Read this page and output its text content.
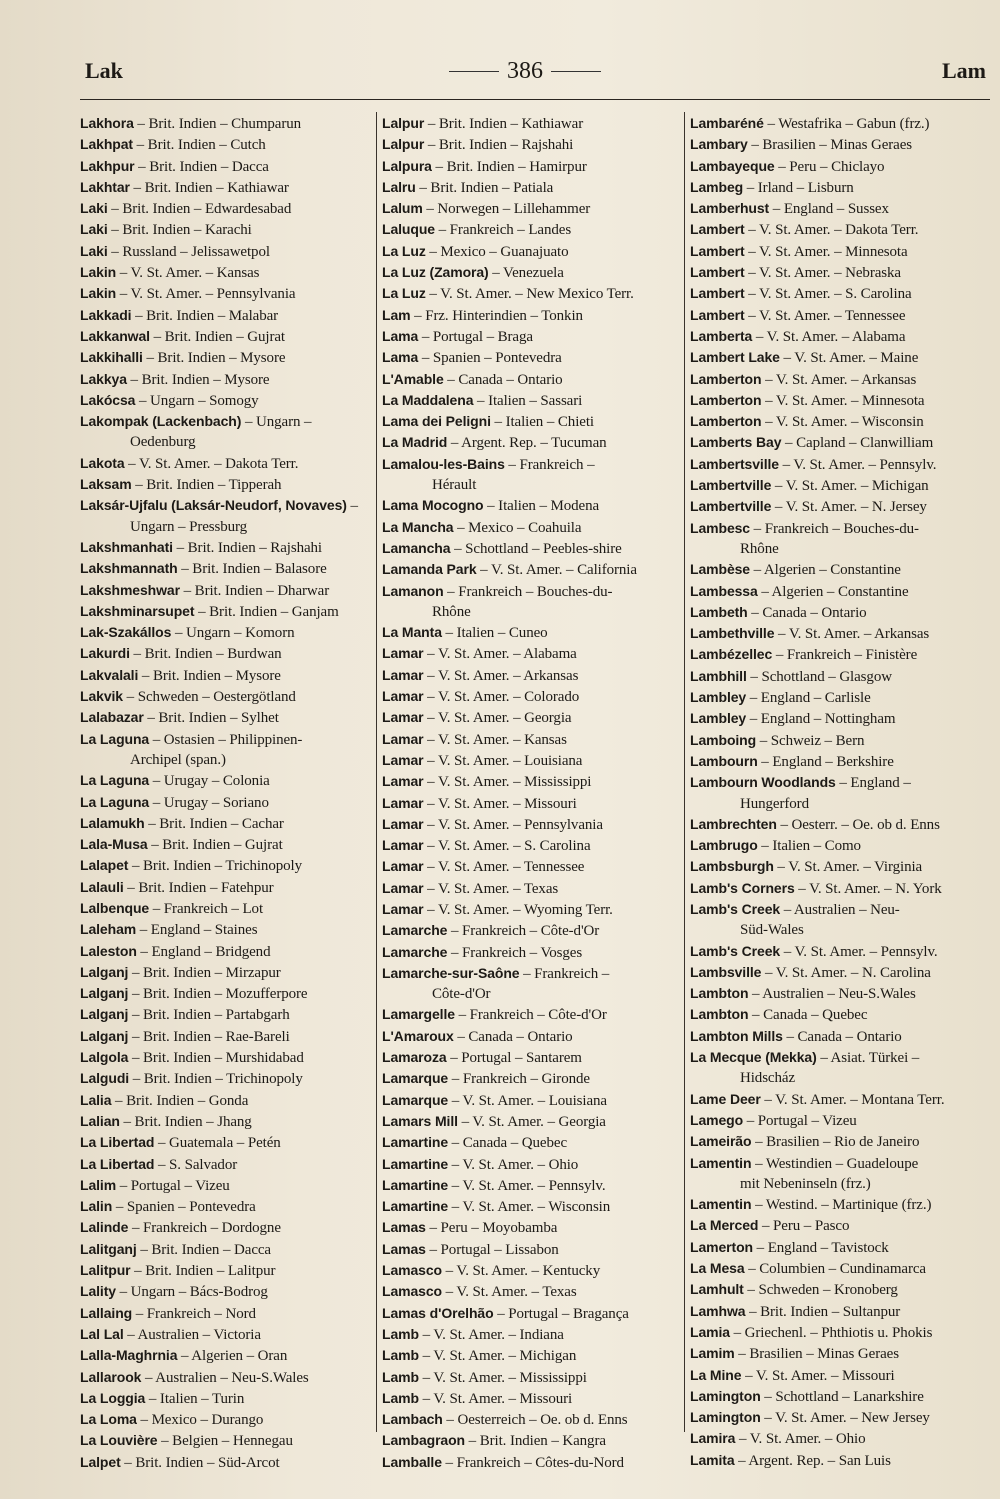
Lak	386	Lam
Lakhora – Brit. Indien – Chumparun
Lakhpat – Brit. Indien – Cutch
Lakhpur – Brit. Indien – Dacca
Lakhtar – Brit. Indien – Kathiawar
Laki – Brit. Indien – Edwardesabad
Laki – Brit. Indien – Karachi
Laki – Russland – Jelissawetpol
Lakin – V. St. Amer. – Kansas
Lakin – V. St. Amer. – Pennsylvania
Lakkadi – Brit. Indien – Malabar
Lakkanwal – Brit. Indien – Gujrat
Lakkihalli – Brit. Indien – Mysore
Lakkya – Brit. Indien – Mysore
Lakócsa – Ungarn – Somogy
Lakompak (Lackenbach) – Ungarn –
Oedenburg
Lakota – V. St. Amer. – Dakota Terr.
Laksam – Brit. Indien – Tipperah
Laksár-Ujfalu (Laksár-Neudorf, Novaves) –
Ungarn – Pressburg
Lakshmanhati – Brit. Indien – Rajshahi
Lakshmannath – Brit. Indien – Balasore
Lakshmeshwar – Brit. Indien – Dharwar
Lakshminarsupet – Brit. Indien – Ganjam
Lak-Szakállos – Ungarn – Komorn
Lakurdi – Brit. Indien – Burdwan
Lakvalali – Brit. Indien – Mysore
Lakvik – Schweden – Oestergötland
Lalabazar – Brit. Indien – Sylhet
La Laguna – Ostasien – Philippinen-
Archipel (span.)
La Laguna – Urugay – Colonia
La Laguna – Urugay – Soriano
Lalamukh – Brit. Indien – Cachar
Lala-Musa – Brit. Indien – Gujrat
Lalapet – Brit. Indien – Trichinopoly
Lalauli – Brit. Indien – Fatehpur
Lalbenque – Frankreich – Lot
Laleham – England – Staines
Laleston – England – Bridgend
Lalganj – Brit. Indien – Mirzapur
Lalganj – Brit. Indien – Mozufferpore
Lalganj – Brit. Indien – Partabgarh
Lalganj – Brit. Indien – Rae-Bareli
Lalgola – Brit. Indien – Murshidabad
Lalgudi – Brit. Indien – Trichinopoly
Lalia – Brit. Indien – Gonda
Lalian – Brit. Indien – Jhang
La Libertad – Guatemala – Petén
La Libertad – S. Salvador
Lalim – Portugal – Vizeu
Lalin – Spanien – Pontevedra
Lalinde – Frankreich – Dordogne
Lalitganj – Brit. Indien – Dacca
Lalitpur – Brit. Indien – Lalitpur
Lality – Ungarn – Bács-Bodrog
Lallaing – Frankreich – Nord
Lal Lal – Australien – Victoria
Lalla-Maghrnia – Algerien – Oran
Lallarook – Australien – Neu-S.Wales
La Loggia – Italien – Turin
La Loma – Mexico – Durango
La Louvière – Belgien – Hennegau
Lalpet – Brit. Indien – Süd-Arcot
Lalpur – Brit. Indien – Kathiawar
Lalpur – Brit. Indien – Rajshahi
Lalpura – Brit. Indien – Hamirpur
Lalru – Brit. Indien – Patiala
Lalum – Norwegen – Lillehammer
Laluque – Frankreich – Landes
La Luz – Mexico – Guanajuato
La Luz (Zamora) – Venezuela
La Luz – V. St. Amer. – New Mexico Terr.
Lam – Frz. Hinterindien – Tonkin
Lama – Portugal – Braga
Lama – Spanien – Pontevedra
L'Amable – Canada – Ontario
La Maddalena – Italien – Sassari
Lama dei Peligni – Italien – Chieti
La Madrid – Argent. Rep. – Tucuman
Lamalou-les-Bains – Frankreich –
Hérault
Lama Mocogno – Italien – Modena
La Mancha – Mexico – Coahuila
Lamancha – Schottland – Peebles-shire
Lamanda Park – V. St. Amer. – California
Lamanon – Frankreich – Bouches-du-
Rhône
La Manta – Italien – Cuneo
Lamar – V. St. Amer. – Alabama
Lamar – V. St. Amer. – Arkansas
Lamar – V. St. Amer. – Colorado
Lamar – V. St. Amer. – Georgia
Lamar – V. St. Amer. – Kansas
Lamar – V. St. Amer. – Louisiana
Lamar – V. St. Amer. – Mississippi
Lamar – V. St. Amer. – Missouri
Lamar – V. St. Amer. – Pennsylvania
Lamar – V. St. Amer. – S. Carolina
Lamar – V. St. Amer. – Tennessee
Lamar – V. St. Amer. – Texas
Lamar – V. St. Amer. – Wyoming Terr.
Lamarche – Frankreich – Côte-d'Or
Lamarche – Frankreich – Vosges
Lamarche-sur-Saône – Frankreich –
Côte-d'Or
Lamargelle – Frankreich – Côte-d'Or
L'Amaroux – Canada – Ontario
Lamaroza – Portugal – Santarem
Lamarque – Frankreich – Gironde
Lamarque – V. St. Amer. – Louisiana
Lamars Mill – V. St. Amer. – Georgia
Lamartine – Canada – Quebec
Lamartine – V. St. Amer. – Ohio
Lamartine – V. St. Amer. – Pennsylv.
Lamartine – V. St. Amer. – Wisconsin
Lamas – Peru – Moyobamba
Lamas – Portugal – Lissabon
Lamasco – V. St. Amer. – Kentucky
Lamasco – V. St. Amer. – Texas
Lamas d'Orelhão – Portugal – Bragança
Lamb – V. St. Amer. – Indiana
Lamb – V. St. Amer. – Michigan
Lamb – V. St. Amer. – Mississippi
Lamb – V. St. Amer. – Missouri
Lambach – Oesterreich – Oe. ob d. Enns
Lambagraon – Brit. Indien – Kangra
Lamballe – Frankreich – Côtes-du-Nord
Lambaréné – Westafrika – Gabun (frz.)
Lambary – Brasilien – Minas Geraes
Lambayeque – Peru – Chiclayo
Lambeg – Irland – Lisburn
Lamberhust – England – Sussex
Lambert – V. St. Amer. – Dakota Terr.
Lambert – V. St. Amer. – Minnesota
Lambert – V. St. Amer. – Nebraska
Lambert – V. St. Amer. – S. Carolina
Lambert – V. St. Amer. – Tennessee
Lamberta – V. St. Amer. – Alabama
Lambert Lake – V. St. Amer. – Maine
Lamberton – V. St. Amer. – Arkansas
Lamberton – V. St. Amer. – Minnesota
Lamberton – V. St. Amer. – Wisconsin
Lamberts Bay – Capland – Clanwilliam
Lambertsville – V. St. Amer. – Pennsylv.
Lambertville – V. St. Amer. – Michigan
Lambertville – V. St. Amer. – N. Jersey
Lambesc – Frankreich – Bouches-du-
Rhône
Lambèse – Algerien – Constantine
Lambessa – Algerien – Constantine
Lambeth – Canada – Ontario
Lambethville – V. St. Amer. – Arkansas
Lambézellec – Frankreich – Finistère
Lambhill – Schottland – Glasgow
Lambley – England – Carlisle
Lambley – England – Nottingham
Lamboing – Schweiz – Bern
Lambourn – England – Berkshire
Lambourn Woodlands – England –
Hungerford
Lambrechten – Oesterr. – Oe. ob d. Enns
Lambrugo – Italien – Como
Lambsburgh – V. St. Amer. – Virginia
Lamb's Corners – V. St. Amer. – N. York
Lamb's Creek – Australien – Neu-
Süd-Wales
Lamb's Creek – V. St. Amer. – Pennsylv.
Lambsville – V. St. Amer. – N. Carolina
Lambton – Australien – Neu-S.Wales
Lambton – Canada – Quebec
Lambton Mills – Canada – Ontario
La Mecque (Mekka) – Asiat. Türkei –
Hidscház
Lame Deer – V. St. Amer. – Montana Terr.
Lamego – Portugal – Vizeu
Lameirão – Brasilien – Rio de Janeiro
Lamentin – Westindien – Guadeloupe
mit Nebeninseln (frz.)
Lamentin – Westind. – Martinique (frz.)
La Merced – Peru – Pasco
Lamerton – England – Tavistock
La Mesa – Columbien – Cundinamarca
Lamhult – Schweden – Kronoberg
Lamhwa – Brit. Indien – Sultanpur
Lamia – Griechenl. – Phthiotis u. Phokis
Lamim – Brasilien – Minas Geraes
La Mine – V. St. Amer. – Missouri
Lamington – Schottland – Lanarkshire
Lamington – V. St. Amer. – New Jersey
Lamira – V. St. Amer. – Ohio
Lamita – Argent. Rep. – San Luis
